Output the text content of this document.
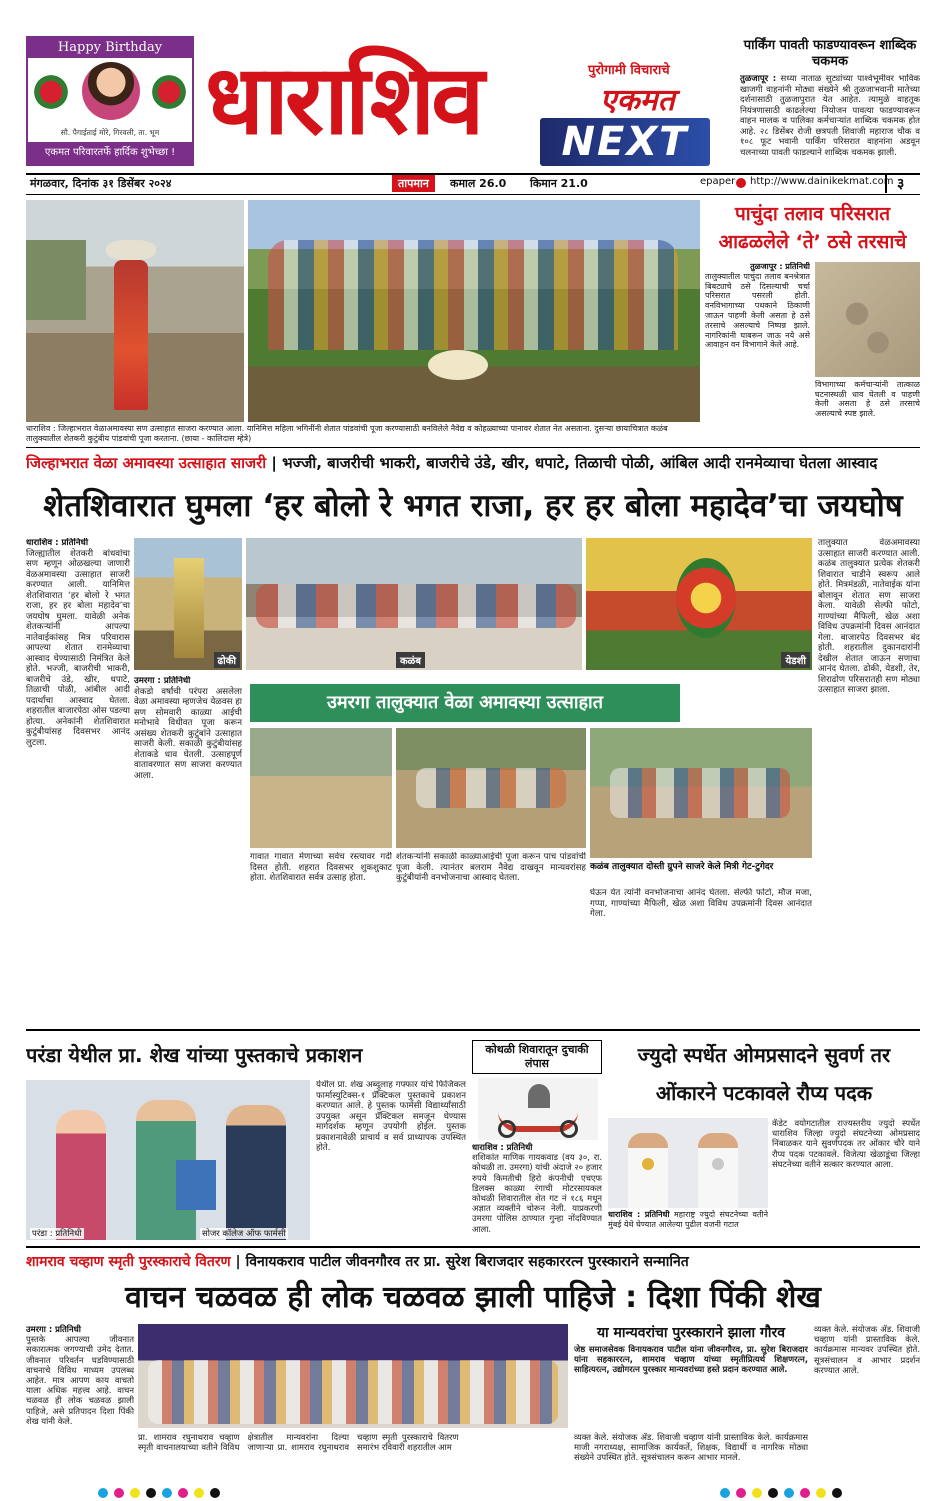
Happy Birthday
सौ. पैगाईताई मोरे, गिरवली, ता. भूम
एकमत परिवारतर्फे हार्दिक शुभेच्छा ! धाराशिव	पुरोगामी विचाराचे
एकमत
NEXT
पार्किंग पावती फाडण्यावरून शाब्दिक चकमक
तुळजापूर : सध्या नाताळ सुट्यांच्या पार्श्वभूमीवर भाविक खाजगी वाहनांनी मोठ्या संख्येने श्री तुळजाभवानी मातेच्या दर्शनासाठी तुळजापुरात येत आहेत. त्यामुळे वाहतूक नियंत्रणासाठी काढलेल्या नियोजन पावत्या फाडण्यावरून वाहन मालक व पालिका कर्मचाऱ्यांत शाब्दिक चकमक होत आहे. २८ डिसेंबर रोजी छत्रपती शिवाजी महाराज चौक व १०८ फूट भवानी पार्किंग परिसरात वाहनांना अडवून चलनाच्या पावती फाडल्याने शाब्दिक चकमक झाली.
मंगळवार, दिनांक ३१ डिसेंबर २०२४	तापमान	कमाल 26.0 किमान 21.0	epaper http://www.dainikekmat.com ३
पाचुंदा तलाव परिसरात आढळलेले ‘ते’ ठसे तरसाचे
तुळजापूर : प्रतिनिधी
तालुक्यातील पाचुंदा तलाव बनश्रेत्रात बिबट्याचे ठसे दिसल्याची चर्चा परिसरात पसरली होती. वनविभागाच्या पथकाने ठिकाणी जाऊन पाहणी केली असता हे ठसे तरसाचे असल्याचे निष्पन्न झाले. नागरिकांनी घाबरून जाऊ नये असे आवाहन वन विभागाने केले आहे.
विभागाच्या कर्मचाऱ्यांनी तात्काळ घटनास्थळी धाव घेतली व पाहणी केली असता हे ठसे तरसाचे असल्याचे स्पष्ट झाले.
धाराशिव : जिल्हाभरात वेळाअमावस्या सण उत्साहात साजरा करण्यात आला. यानिमित्त महिला भगिनींनी शेतात पांडवांची पूजा करण्यासाठी बनविलेले नैवेद्य व कोहळ्याच्या पानावर शेतात नेत असताना. दुसऱ्या छायाचित्रात कळंब तालुक्यातील शेतकरी कुटुंबीय पांडवांची पूजा करताना. (छाया - कालिदास म्हेत्रे)
जिल्हाभरात वेळा अमावस्या उत्साहात साजरी | भज्जी, बाजरीची भाकरी, बाजरीचे उंडे, खीर, धपाटे, तिळाची पोळी, आंबिल आदी रानमेव्याचा घेतला आस्वाद
शेतशिवारात घुमला ‘हर बोलो रे भगत राजा, हर हर बोला महादेव’चा जयघोष
धाराशिव : प्रतिनिधी
जिल्ह्यातील शेतकरी बांधवांचा सण म्हणून ओळखल्या जाणारी वेळअमावस्या उत्साहात साजरी करण्यात आली. यानिमित्त शेतशिवारात ‘हर बोलो रे भगत राजा, हर हर बोला महादेव’चा जयघोष घुमला. यावेळी अनेक शेतकऱ्यांनी आपल्या नातेवाईकांसह मित्र परिवारास आपल्या शेतात रानमेव्याचा आस्वाद घेण्यासाठी निमंत्रित केले होते. भज्जी, बाजरीची भाकरी, बाजरीचे उंडे, खीर, धपाटे, तिळाची पोळी, आंबील आदी पदार्थांचा आस्वाद घेतला. शहरातील बाजारपेठा ओस पडल्या होत्या. अनेकांनी शेतशिवारात कुटुंबीयांसह दिवसभर आनंद लुटला.
ढोकी	कळंब	येडशी
तालुक्यात वेळअमावस्या उत्साहात साजरी करण्यात आली. कळंब तालुक्यात प्रत्येक शेतकरी शिवारात चाडीने स्वरूप आले होते. मित्रमंडळी, नातेवाईक यांना बोलावून शेतात सण साजरा केला. यावेळी सेल्फी फोटो, गाण्यांच्या मैफिली, खेळ अशा विविध उपक्रमांनी दिवस आनंदात गेला. बाजारपेठ दिवसभर बंद होती. शहरातील दुकानदारांनी देखील शेतात जाऊन सणाचा आनंद घेतला. ढोकी, येडशी, तेर, शिराढोण परिसरातही सण मोठ्या उत्साहात साजरा झाला.
उमरगा : प्रतिनिधी
शेकडो वर्षांची परंपरा असलेला वेळा अमावस्या म्हणजेच येळवस हा सण सोमवारी काळ्या आईची मनोभावे विधीवत पूजा करून असंख्य शेतकरी कुटुंबांने उत्साहात साजरी केली. सकाळी कुटुंबीयांसह शेताकडे धाव घेतली. उत्साहपूर्ण वातावरणात सण साजरा करण्यात आला.
उमरगा तालुक्यात वेळा अमावस्या उत्साहात
गावात गावात मेणाच्या सर्वच रस्त्यावर गर्दी दिसत होती. शहरात दिवसभर शुकशुकाट होता. शेतशिवारात सर्वत्र उत्साह होता.
शेतकऱ्यांनी सकाळी काळ्याआईची पूजा करून पाच पांडवांची पूजा केली. त्यानंतर बलराम नैवेद्य दाखवून मान्यवरांसह कुटुंबीयांनी वनभोजनाचा आस्वाद घेतला.
कळंब तालुक्यात दोस्ती ग्रुपने साजरे केले मित्री गेट-टुगेदर
घेऊन येत त्यांनी वनभोजनाचा आनंद घेतला. सेल्फी फोटो, मौज मजा, गप्पा, गाण्यांच्या मैफिली, खेळ अशा विविध उपक्रमांनी दिवस आनंदात गेला.
परंडा येथील प्रा. शेख यांच्या पुस्तकाचे प्रकाशन
परंडा : प्रतिनिधी	सोजर कॉलेज ऑफ फार्मसी
येथील प्रा. शेख अब्दुलाह गफ्फार यांचे फिजिकल फार्मास्युटिक्स-१ प्रॅक्टिकल पुस्तकाचे प्रकाशन करण्यात आले. हे पुस्तक फार्मसी विद्यार्थ्यांसाठी उपयुक्त असून प्रॅक्टिकल समजून घेण्यास मार्गदर्शक म्हणून उपयोगी होईल. पुस्तक प्रकाशनावेळी प्राचार्य व सर्व प्राध्यापक उपस्थित होते.
कोथळी शिवारातून दुचाकी लंपास
धाराशिव : प्रतिनिधी
शशिकांत माणिक गायकवाड (वय ३०, रा. कोथळी ता. उमरगा) यांची अंदाजे २० हजार रुपये किमतीची हिरो कंपनीची एचएफ डिलक्स काळ्या रंगाची मोटरसायकल कोथळी शिवारातील शेत गट नं १८६ मधून अज्ञात व्यक्तीने चोरून नेली. याप्रकरणी उमरगा पोलिस ठाण्यात गुन्हा नोंदविण्यात आला.
ज्युदो स्पर्धेत ओमप्रसादने सुवर्ण तर ओंकारने पटकावले रौप्य पदक
धाराशिव : प्रतिनिधी महाराष्ट्र ज्युदो संघटनेच्या वतीने मुंबई येथे घेण्यात आलेल्या पुढील वजनी गटात
कॅडेट वयोगटातील राज्यस्तरीय ज्युदो स्पर्धेत धाराशिव जिल्हा ज्युदो संघटनेच्या ओमप्रसाद निंबाळकर याने सुवर्णपदक तर ओंकार चौरे याने रौप्य पदक पटकावले. विजेत्या खेळाडूंचा जिल्हा संघटनेच्या वतीने सत्कार करण्यात आला.
शामराव चव्हाण स्मृती पुरस्काराचे वितरण | विनायकराव पाटील जीवनगौरव तर प्रा. सुरेश बिराजदार सहकाररत्न पुरस्काराने सन्मानित
वाचन चळवळ ही लोक चळवळ झाली पाहिजे : दिशा पिंकी शेख
उमरगा : प्रतिनिधी
पुस्तके आपल्या जीवनात सकारात्मक जगण्याची उमेद देतात. जीवनात परिवर्तन घडविण्यासाठी वाचनाचे विविध माध्यम उपलब्ध आहेत. मात्र आपण काय वाचतो याला अधिक महत्त्व आहे. वाचन चळवळ ही लोक चळवळ झाली पाहिजे, असे प्रतिपादन दिशा पिंकी शेख यांनी केले.
या मान्यवरांचा पुरस्काराने झाला गौरव
जेष्ठ समाजसेवक विनायकराव पाटील यांना जीवनगौरव, प्रा. सुरेश बिराजदार यांना सहकाररत्न, शामराव चव्हाण यांच्या स्मृतीप्रित्यर्थ शिक्षणरत्न, साहित्यरत्न, उद्योगरत्न पुरस्कार मान्यवरांच्या हस्ते प्रदान करण्यात आले.
प्रा. शामराव रघुनाथराव चव्हाण स्मृती वाचनालयाच्या वतीने विविध क्षेत्रातील मान्यवरांना दिल्या जाणाऱ्या प्रा. शामराव रघुनाथराव चव्हाण स्मृती पुरस्काराचे वितरण समारंभ रविवारी शहरातील आम
व्यक्त केले. संयोजक ॲड. शिवाजी चव्हाण यांनी प्रास्ताविक केले. कार्यक्रमास माजी नगराध्यक्ष, सामाजिक कार्यकर्ते, शिक्षक, विद्यार्थी व नागरिक मोठ्या संख्येने उपस्थित होते. सूत्रसंचालन करून आभार मानले.
व्यक्त केले. संयोजक ॲड. शिवाजी चव्हाण यांनी प्रास्ताविक केले. कार्यक्रमास मान्यवर उपस्थित होते. सूत्रसंचालन व आभार प्रदर्शन करण्यात आले.
